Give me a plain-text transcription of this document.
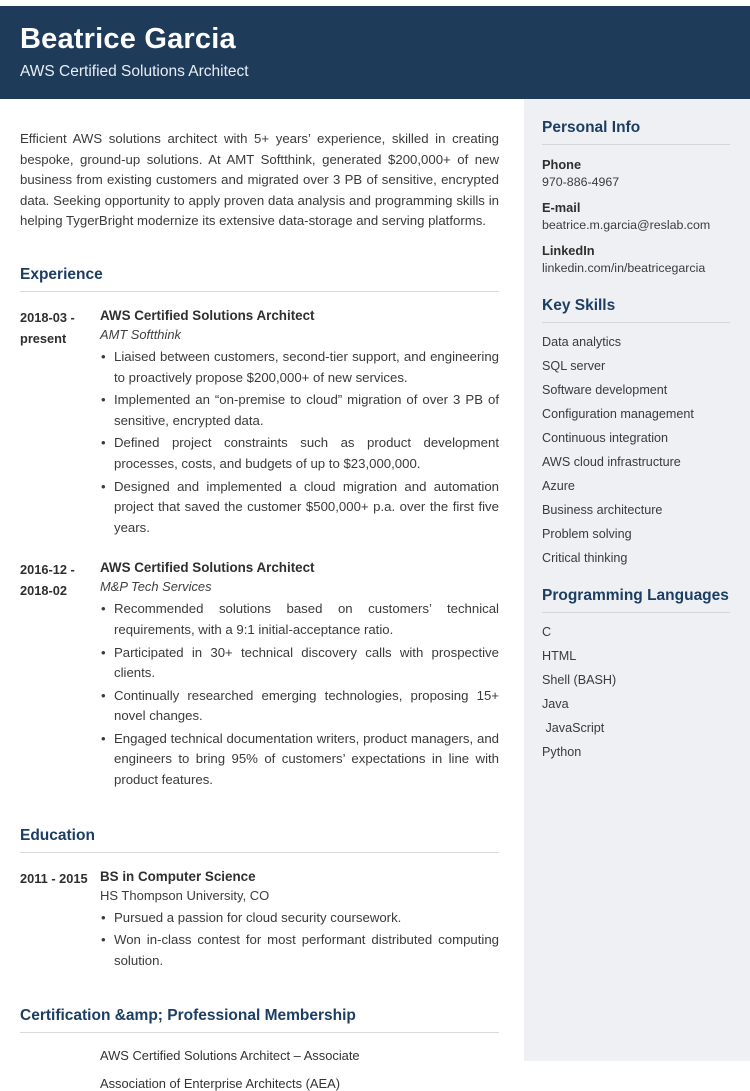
Beatrice Garcia
AWS Certified Solutions Architect

Efficient AWS solutions architect with 5+ years’ experience, skilled in creating bespoke, ground-up solutions. At AMT Softthink, generated $200,000+ of new business from existing customers and migrated over 3 PB of sensitive, encrypted data. Seeking opportunity to apply proven data analysis and programming skills in helping TygerBright modernize its extensive data-storage and serving platforms.

Experience
2018-03 - present
AWS Certified Solutions Architect
AMT Softthink
• Liaised between customers, second-tier support, and engineering to proactively propose $200,000+ of new services.
• Implemented an “on-premise to cloud” migration of over 3 PB of sensitive, encrypted data.
• Defined project constraints such as product development processes, costs, and budgets of up to $23,000,000.
• Designed and implemented a cloud migration and automation project that saved the customer $500,000+ p.a. over the first five years.
2016-12 - 2018-02
AWS Certified Solutions Architect
M&P Tech Services
• Recommended solutions based on customers’ technical requirements, with a 9:1 initial-acceptance ratio.
• Participated in 30+ technical discovery calls with prospective clients.
• Continually researched emerging technologies, proposing 15+ novel changes.
• Engaged technical documentation writers, product managers, and engineers to bring 95% of customers’ expectations in line with product features.
Education
2011 - 2015 BS in Computer Science
HS Thompson University, CO
• Pursued a passion for cloud security coursework.
• Won in-class contest for most performant distributed computing solution.
Certification &amp; Professional Membership
AWS Certified Solutions Architect – Associate
Association of Enterprise Architects (AEA)
Personal Info
Phone
970-886-4967
E-mail
beatrice.m.garcia@reslab.com
LinkedIn
linkedin.com/in/beatricegarcia
Key Skills
Data analytics
SQL server
Software development
Configuration management
Continuous integration
AWS cloud infrastructure
Azure
Business architecture
Problem solving
Critical thinking
Programming Languages
C
HTML
Shell (BASH)
Java
JavaScript
Python
